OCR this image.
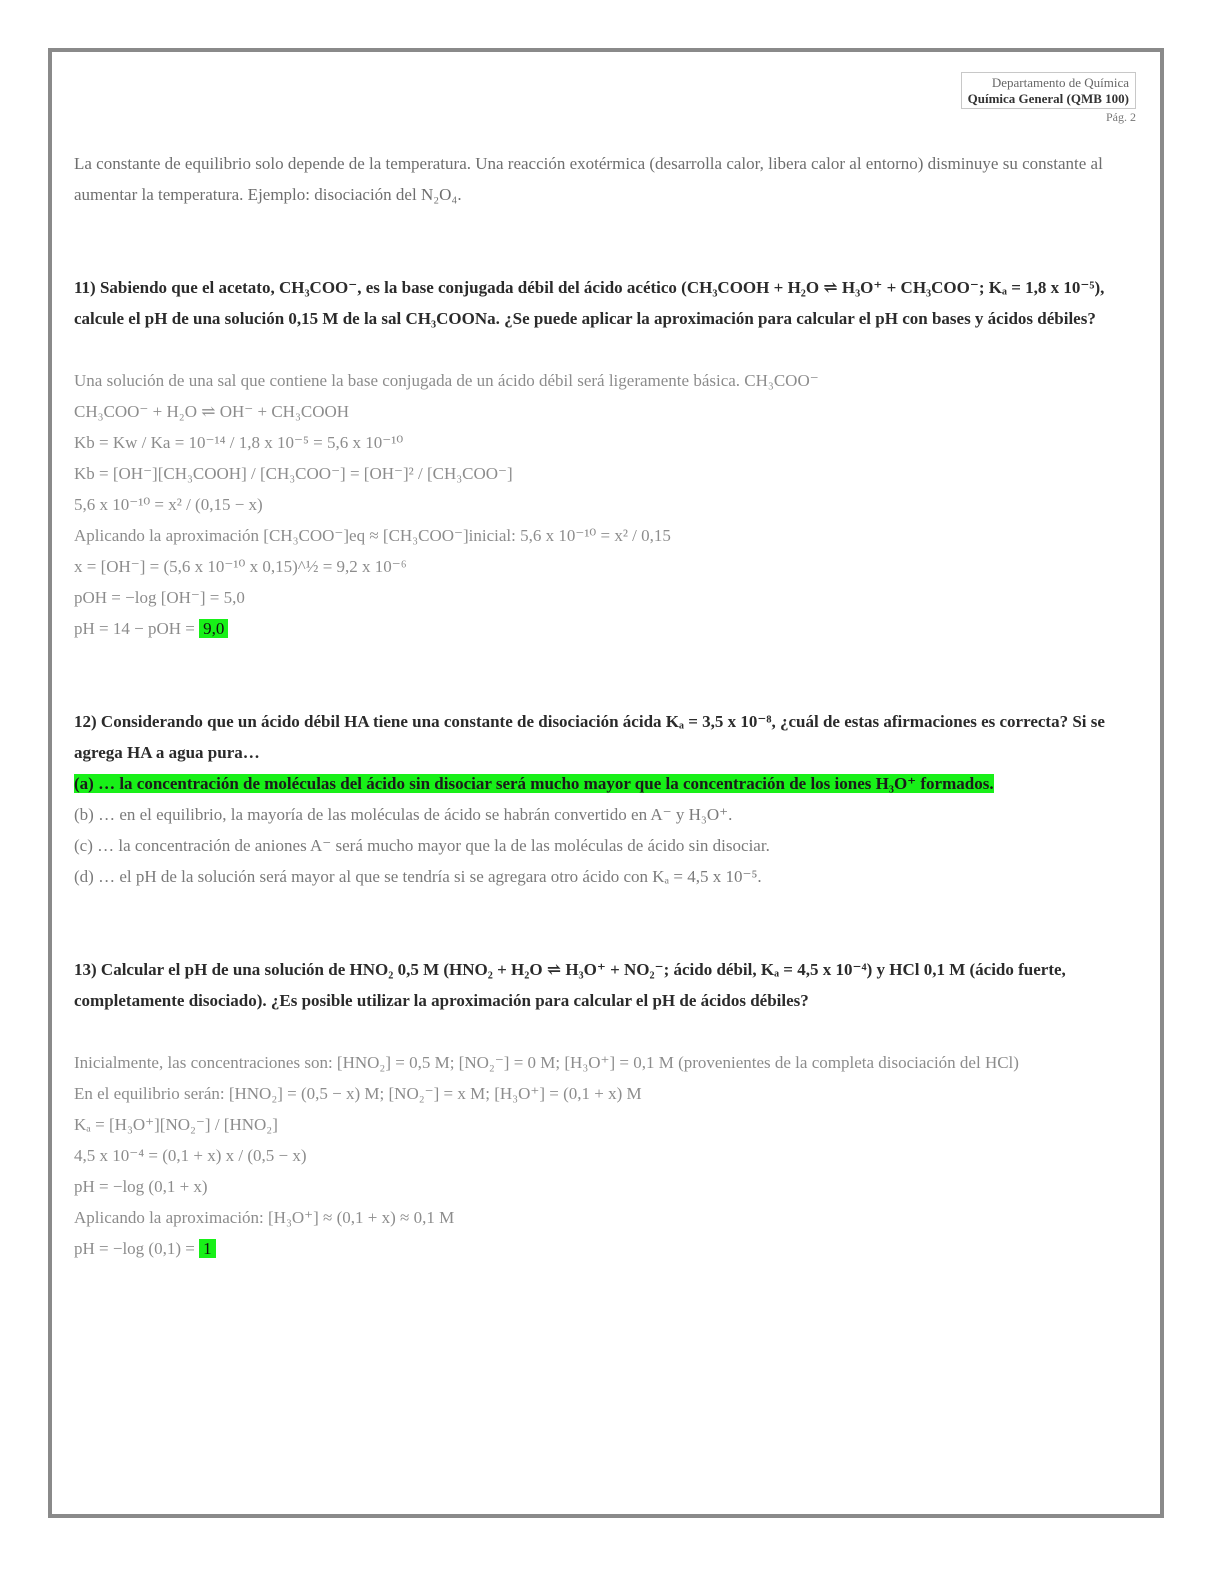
Departamento de Química
Química General (QMB 100)
Pág. 2

La constante de equilibrio solo depende de la temperatura. Una reacción exotérmica (desarrolla calor, libera calor al entorno) disminuye su constante al aumentar la temperatura. Ejemplo: disociación del N₂O₄.

11) Sabiendo que el acetato, CH₃COO⁻, es la base conjugada débil del ácido acético (CH₃COOH + H₂O ⇌ H₃O⁺ + CH₃COO⁻; Kₐ = 1,8 x 10⁻⁵), calcule el pH de una solución 0,15 M de la sal CH₃COONa. ¿Se puede aplicar la aproximación para calcular el pH con bases y ácidos débiles?

Una solución de una sal que contiene la base conjugada de un ácido débil será ligeramente básica. CH₃COO⁻

CH₃COO⁻ + H₂O ⇌ OH⁻ + CH₃COOH

Kb = Kw / Ka = 10⁻¹⁴ / 1,8 x 10⁻⁵ = 5,6 x 10⁻¹⁰

Kb = [OH⁻][CH₃COOH] / [CH₃COO⁻] = [OH⁻]² / [CH₃COO⁻]

5,6 x 10⁻¹⁰ = x² / (0,15 − x)

Aplicando la aproximación [CH₃COO⁻]eq ≈ [CH₃COO⁻]inicial: 5,6 x 10⁻¹⁰ = x² / 0,15

x = [OH⁻] = (5,6 x 10⁻¹⁰ x 0,15)^½ = 9,2 x 10⁻⁶

pOH = −log [OH⁻] = 5,0

pH = 14 − pOH = 9,0

12) Considerando que un ácido débil HA tiene una constante de disociación ácida Kₐ = 3,5 x 10⁻⁸, ¿cuál de estas afirmaciones es correcta? Si se agrega HA a agua pura…

(a) … la concentración de moléculas del ácido sin disociar será mucho mayor que la concentración de los iones H₃O⁺ formados.

(b) … en el equilibrio, la mayoría de las moléculas de ácido se habrán convertido en A⁻ y H₃O⁺.

(c) … la concentración de aniones A⁻ será mucho mayor que la de las moléculas de ácido sin disociar.

(d) … el pH de la solución será mayor al que se tendría si se agregara otro ácido con Kₐ = 4,5 x 10⁻⁵.

13) Calcular el pH de una solución de HNO₂ 0,5 M (HNO₂ + H₂O ⇌ H₃O⁺ + NO₂⁻; ácido débil, Kₐ = 4,5 x 10⁻⁴) y HCl 0,1 M (ácido fuerte, completamente disociado). ¿Es posible utilizar la aproximación para calcular el pH de ácidos débiles?

Inicialmente, las concentraciones son: [HNO₂] = 0,5 M; [NO₂⁻] = 0 M; [H₃O⁺] = 0,1 M (provenientes de la completa disociación del HCl)

En el equilibrio serán: [HNO₂] = (0,5 − x) M; [NO₂⁻] = x M; [H₃O⁺] = (0,1 + x) M

Kₐ = [H₃O⁺][NO₂⁻] / [HNO₂]

4,5 x 10⁻⁴ = (0,1 + x) x / (0,5 − x)

pH = −log (0,1 + x)

Aplicando la aproximación: [H₃O⁺] ≈ (0,1 + x) ≈ 0,1 M

pH = −log (0,1) = 1
